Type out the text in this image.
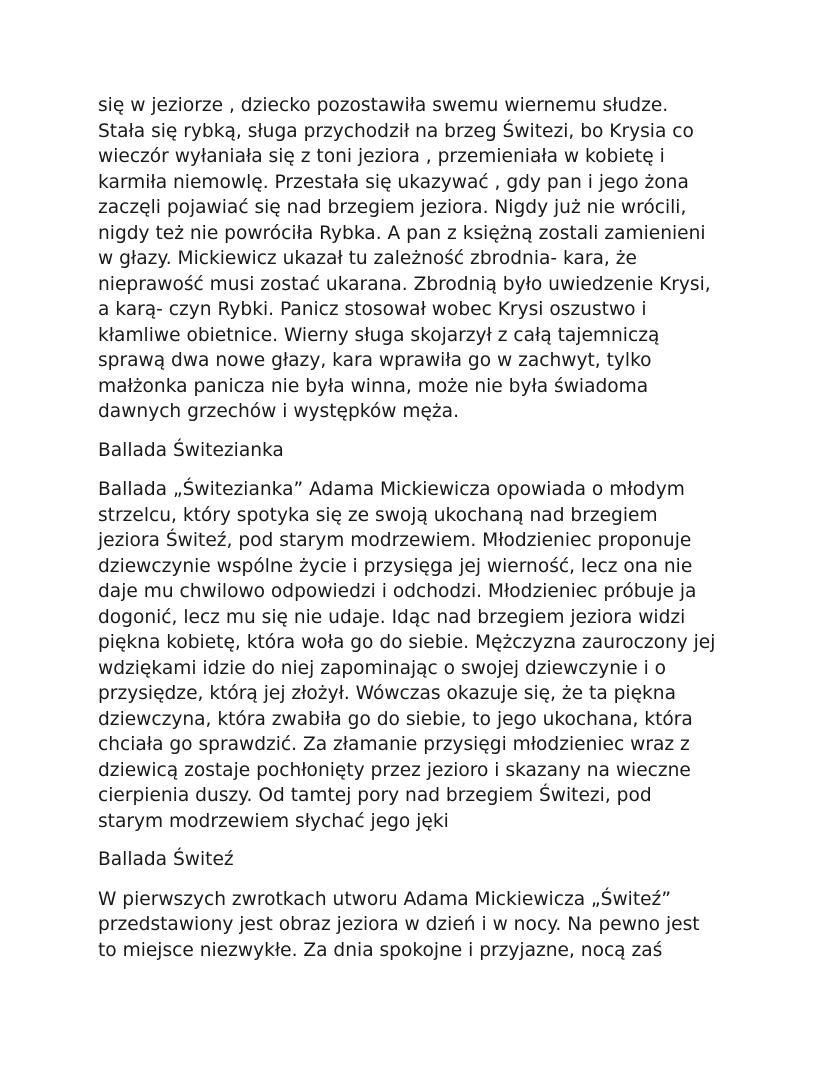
się w jeziorze , dziecko pozostawiła swemu wiernemu słudze.
Stała się rybką, sługa przychodził na brzeg Świtezi, bo Krysia co
wieczór wyłaniała się z toni jeziora , przemieniała w kobietę i
karmiła niemowlę. Przestała się ukazywać , gdy pan i jego żona
zaczęli pojawiać się nad brzegiem jeziora. Nigdy już nie wrócili,
nigdy też nie powróciła Rybka. A pan z księżną zostali zamienieni
w głazy. Mickiewicz ukazał tu zależność zbrodnia- kara, że
nieprawość musi zostać ukarana. Zbrodnią było uwiedzenie Krysi,
a karą- czyn Rybki. Panicz stosował wobec Krysi oszustwo i
kłamliwe obietnice. Wierny sługa skojarzył z całą tajemniczą
sprawą dwa nowe głazy, kara wprawiła go w zachwyt, tylko
małżonka panicza nie była winna, może nie była świadoma
dawnych grzechów i występków męża.

Ballada Świtezianka

Ballada „Świtezianka” Adama Mickiewicza opowiada o młodym
strzelcu, który spotyka się ze swoją ukochaną nad brzegiem
jeziora Świteź, pod starym modrzewiem. Młodzieniec proponuje
dziewczynie wspólne życie i przysięga jej wierność, lecz ona nie
daje mu chwilowo odpowiedzi i odchodzi. Młodzieniec próbuje ja
dogonić, lecz mu się nie udaje. Idąc nad brzegiem jeziora widzi
piękna kobietę, która woła go do siebie. Mężczyzna zauroczony jej
wdziękami idzie do niej zapominając o swojej dziewczynie i o
przysiędze, którą jej złożył. Wówczas okazuje się, że ta piękna
dziewczyna, która zwabiła go do siebie, to jego ukochana, która
chciała go sprawdzić. Za złamanie przysięgi młodzieniec wraz z
dziewicą zostaje pochłonięty przez jezioro i skazany na wieczne
cierpienia duszy. Od tamtej pory nad brzegiem Świtezi, pod
starym modrzewiem słychać jego jęki

Ballada Świteź

W pierwszych zwrotkach utworu Adama Mickiewicza „Świteź”
przedstawiony jest obraz jeziora w dzień i w nocy. Na pewno jest
to miejsce niezwykłe. Za dnia spokojne i przyjazne, nocą zaś
